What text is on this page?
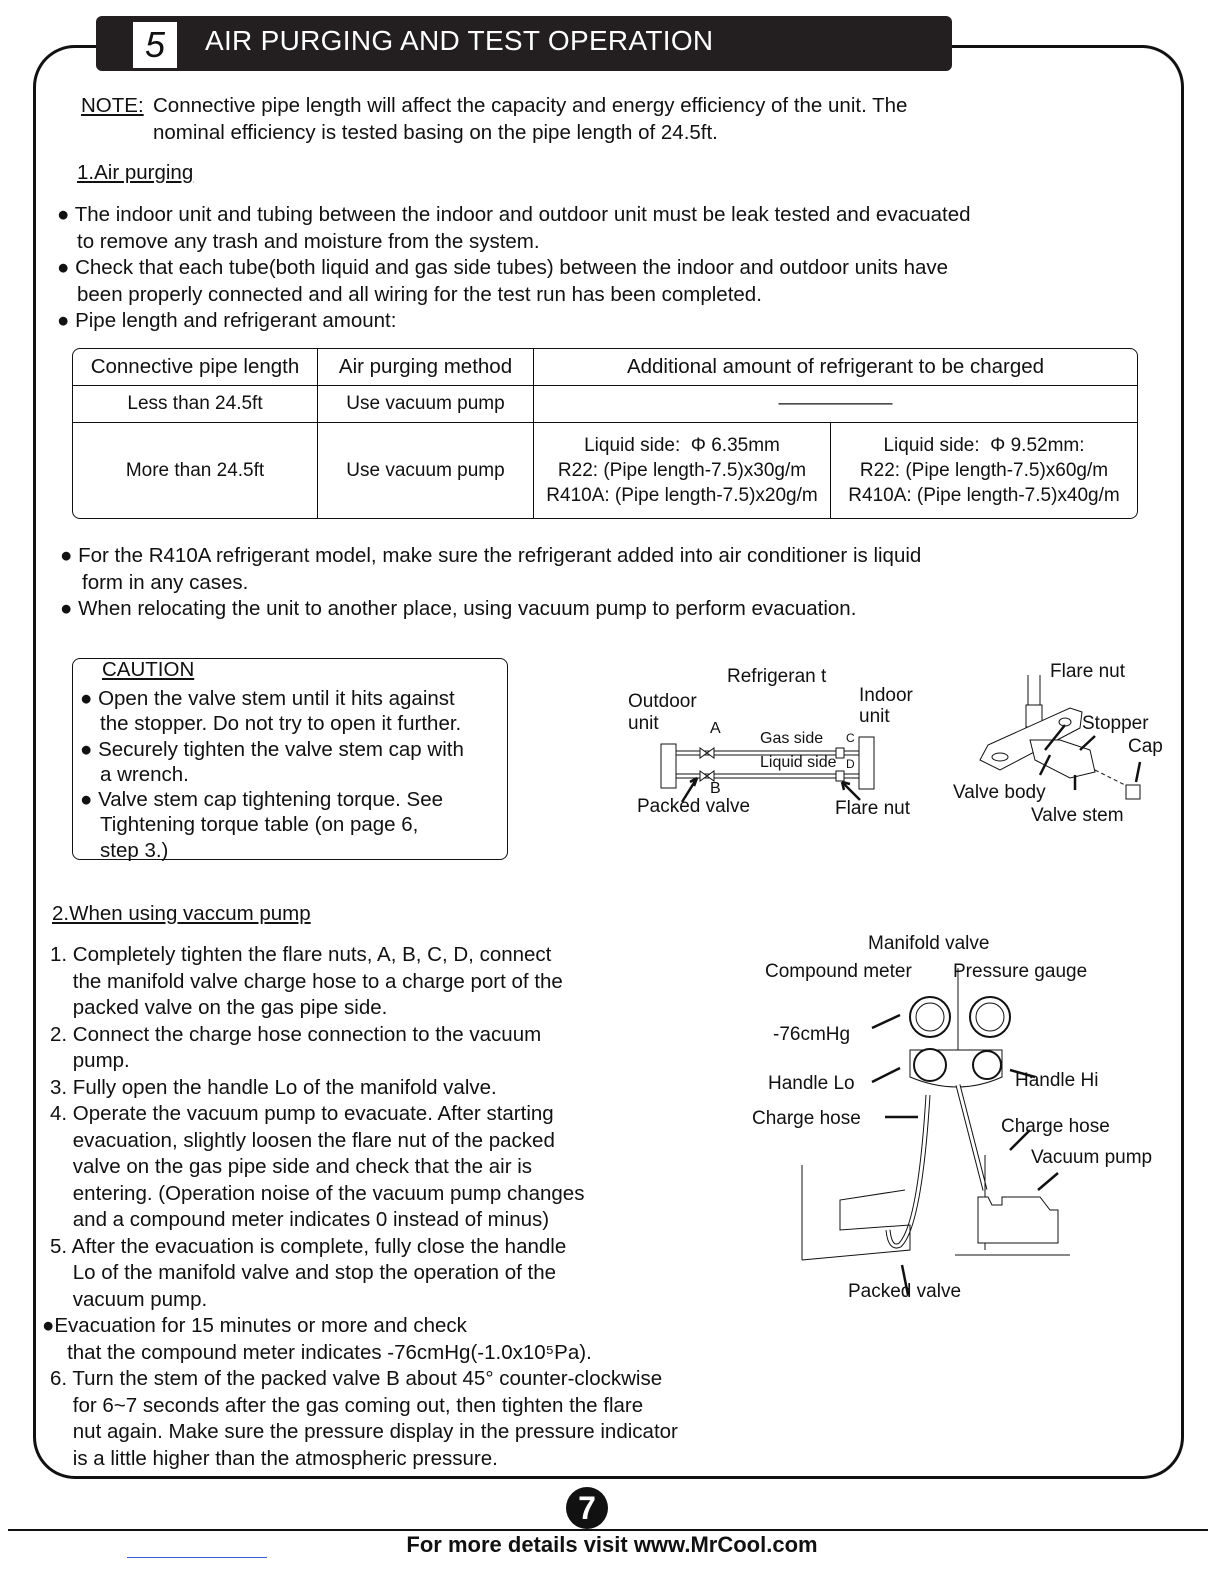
5	AIR PURGING AND TEST OPERATION
NOTE: Connective pipe length will affect the capacity and energy efficiency of the unit. The
nominal efficiency is tested basing on the pipe length of 24.5ft.
1.Air purging
● The indoor unit and tubing between the indoor and outdoor unit must be leak tested and evacuated
to remove any trash and moisture from the system.
● Check that each tube(both liquid and gas side tubes) between the indoor and outdoor units have
been properly connected and all wiring for the test run has been completed.
● Pipe length and refrigerant amount:
Connective pipe length	Air purging method	Additional amount of refrigerant to be charged	
Less than 24.5ft	Use vacuum pump	——————	
More than 24.5ft	Use vacuum pump	Liquid side:  Φ 6.35mm
R22: (Pipe length-7.5)x30g/m
R410A: (Pipe length-7.5)x20g/m	Liquid side:  Φ 9.52mm:
R22: (Pipe length-7.5)x60g/m
R410A: (Pipe length-7.5)x40g/m
● For the R410A refrigerant model, make sure the refrigerant added into air conditioner is liquid
form in any cases.
● When relocating the unit to another place, using vacuum pump to perform evacuation.
CAUTION
● Open the valve stem until it hits against
the stopper. Do not try to open it further.
● Securely tighten the valve stem cap with
a wrench.
● Valve stem cap tightening torque. See
Tightening torque table (on page 6,
step 3.)
Refrigeran t
Outdoor
unit
Indoor
unit
A
B
C
D
Gas side
Liquid side
Packed valve	Flare nut
Flare nut
Stopper
Cap
Valve body
Valve stem
2.When using vaccum pump
1. Completely tighten the flare nuts, A, B, C, D, connect
the manifold valve charge hose to a charge port of the
packed valve on the gas pipe side.
2. Connect the charge hose connection to the vacuum
pump.
3. Fully open the handle Lo of the manifold valve.
4. Operate the vacuum pump to evacuate. After starting
evacuation, slightly loosen the flare nut of the packed
valve on the gas pipe side and check that the air is
entering. (Operation noise of the vacuum pump changes
and a compound meter indicates 0 instead of minus)
5. After the evacuation is complete, fully close the handle
Lo of the manifold valve and stop the operation of the
vacuum pump.
●Evacuation for 15 minutes or more and check
that the compound meter indicates -76cmHg(-1.0x10⁵Pa).
6. Turn the stem of the packed valve B about 45° counter-clockwise
for 6~7 seconds after the gas coming out, then tighten the flare
nut again. Make sure the pressure display in the pressure indicator
is a little higher than the atmospheric pressure.
Manifold valve
Compound meter Pressure gauge
-76cmHg
Handle Lo	Handle Hi
Charge hose	Charge hose
Vacuum pump
Packed valve
7
For more details visit www.MrCool.com
